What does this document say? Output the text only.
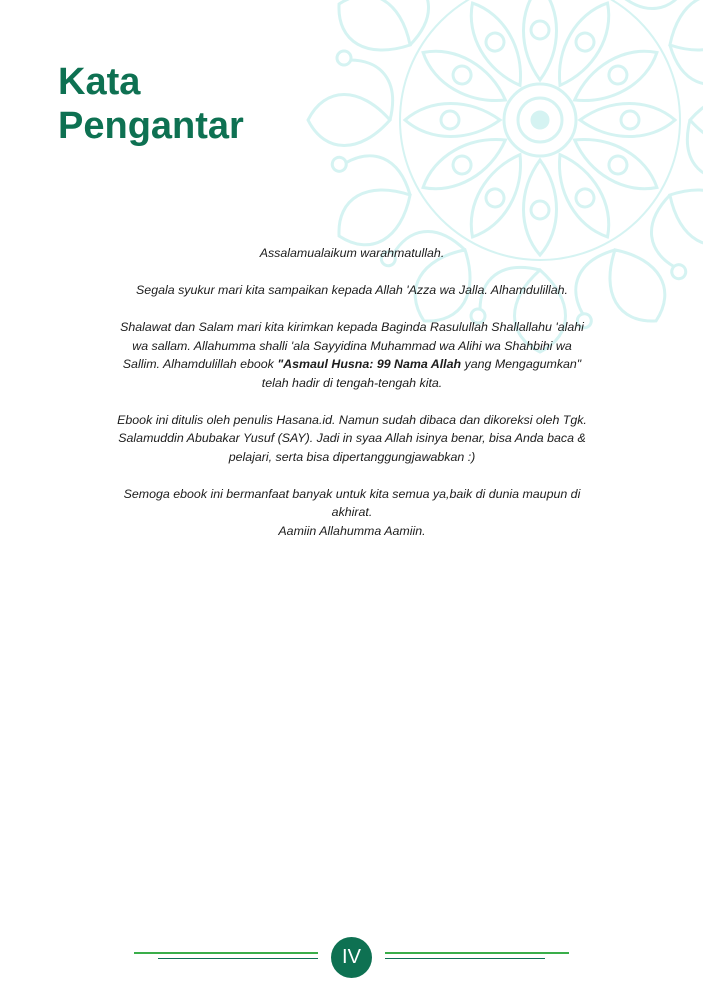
Kata
Pengantar

Assalamualaikum warahmatullah.

Segala syukur mari kita sampaikan kepada Allah 'Azza wa Jalla. Alhamdulillah.

Shalawat dan Salam mari kita kirimkan kepada Baginda Rasulullah Shallallahu 'alahi
wa sallam. Allahumma shalli 'ala Sayyidina Muhammad wa Alihi wa Shahbihi wa
Sallim. Alhamdulillah ebook "Asmaul Husna: 99 Nama Allah yang Mengagumkan"
telah hadir di tengah-tengah kita.

Ebook ini ditulis oleh penulis Hasana.id. Namun sudah dibaca dan dikoreksi oleh Tgk.
Salamuddin Abubakar Yusuf (SAY). Jadi in syaa Allah isinya benar, bisa Anda baca &
pelajari, serta bisa dipertanggungjawabkan :)

Semoga ebook ini bermanfaat banyak untuk kita semua ya,baik di dunia maupun di
akhirat.
Aamiin Allahumma Aamiin.

IV
